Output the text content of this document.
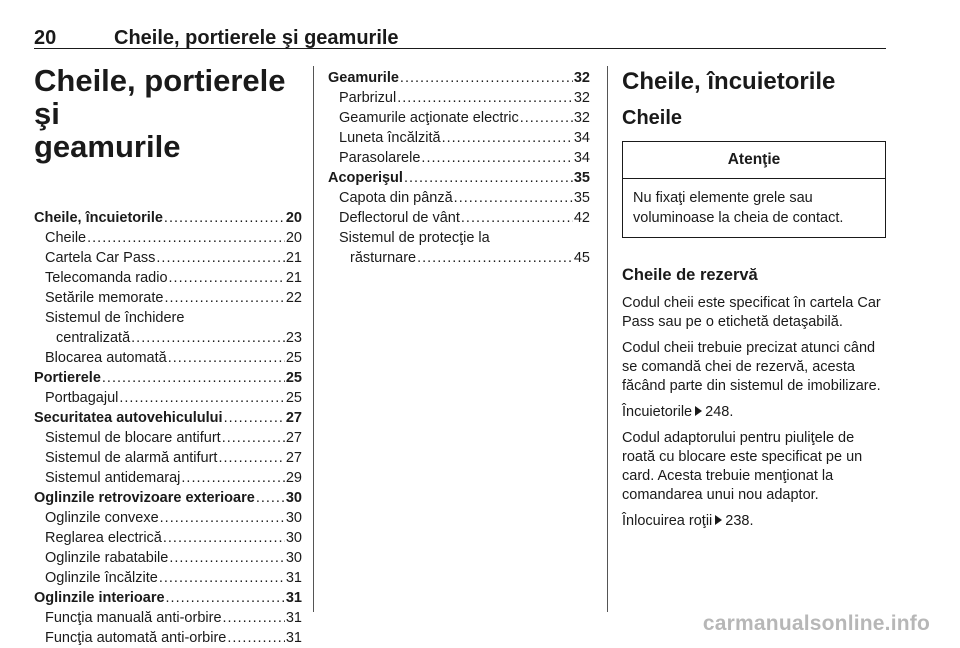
20	Cheile, portierele şi geamurile
Cheile, portierele şi
geamurile
Cheile, încuietorile .....	20
Cheile .....	20
Cartela Car Pass .....	21
Telecomanda radio .....	21
Setările memorate .....	22
Sistemul de închidere
centralizată .....	23
Blocarea automată .....	25
Portierele .....	25
Portbagajul .....	25
Securitatea autovehiculului .....	27
Sistemul de blocare antifurt .....	27
Sistemul de alarmă antifurt .....	27
Sistemul antidemaraj .....	29
Oglinzile retrovizoare exterioare ..... 30
Oglinzile convexe .....	30
Reglarea electrică .....	30
Oglinzile rabatabile .....	30
Oglinzile încălzite .....	31
Oglinzile interioare .....	31
Funcţia manuală anti-orbire .....	31
Funcţia automată anti-orbire .....	31
Geamurile .....	32
Parbrizul .....	32
Geamurile acţionate electric .....	32
Luneta încălzită .....	34
Parasolarele .....	34
Acoperişul .....	35
Capota din pânză .....	35
Deflectorul de vânt .....	42
Sistemul de protecţie la
răsturnare .....	45
Cheile, încuietorile
Cheile
Atenţie
Nu fixaţi elemente grele sau voluminoase la cheia de contact.
Cheile de rezervă
Codul cheii este specificat în cartela Car Pass sau pe o etichetă detaşabilă.
Codul cheii trebuie precizat atunci când se comandă chei de rezervă, acesta făcând parte din sistemul de imobilizare.
Încuietorile 248.
Codul adaptorului pentru piuliţele de roată cu blocare este specificat pe un card. Acesta trebuie menţionat la comandarea unui nou adaptor.
Înlocuirea roţii 238.
carmanualsonline.info
